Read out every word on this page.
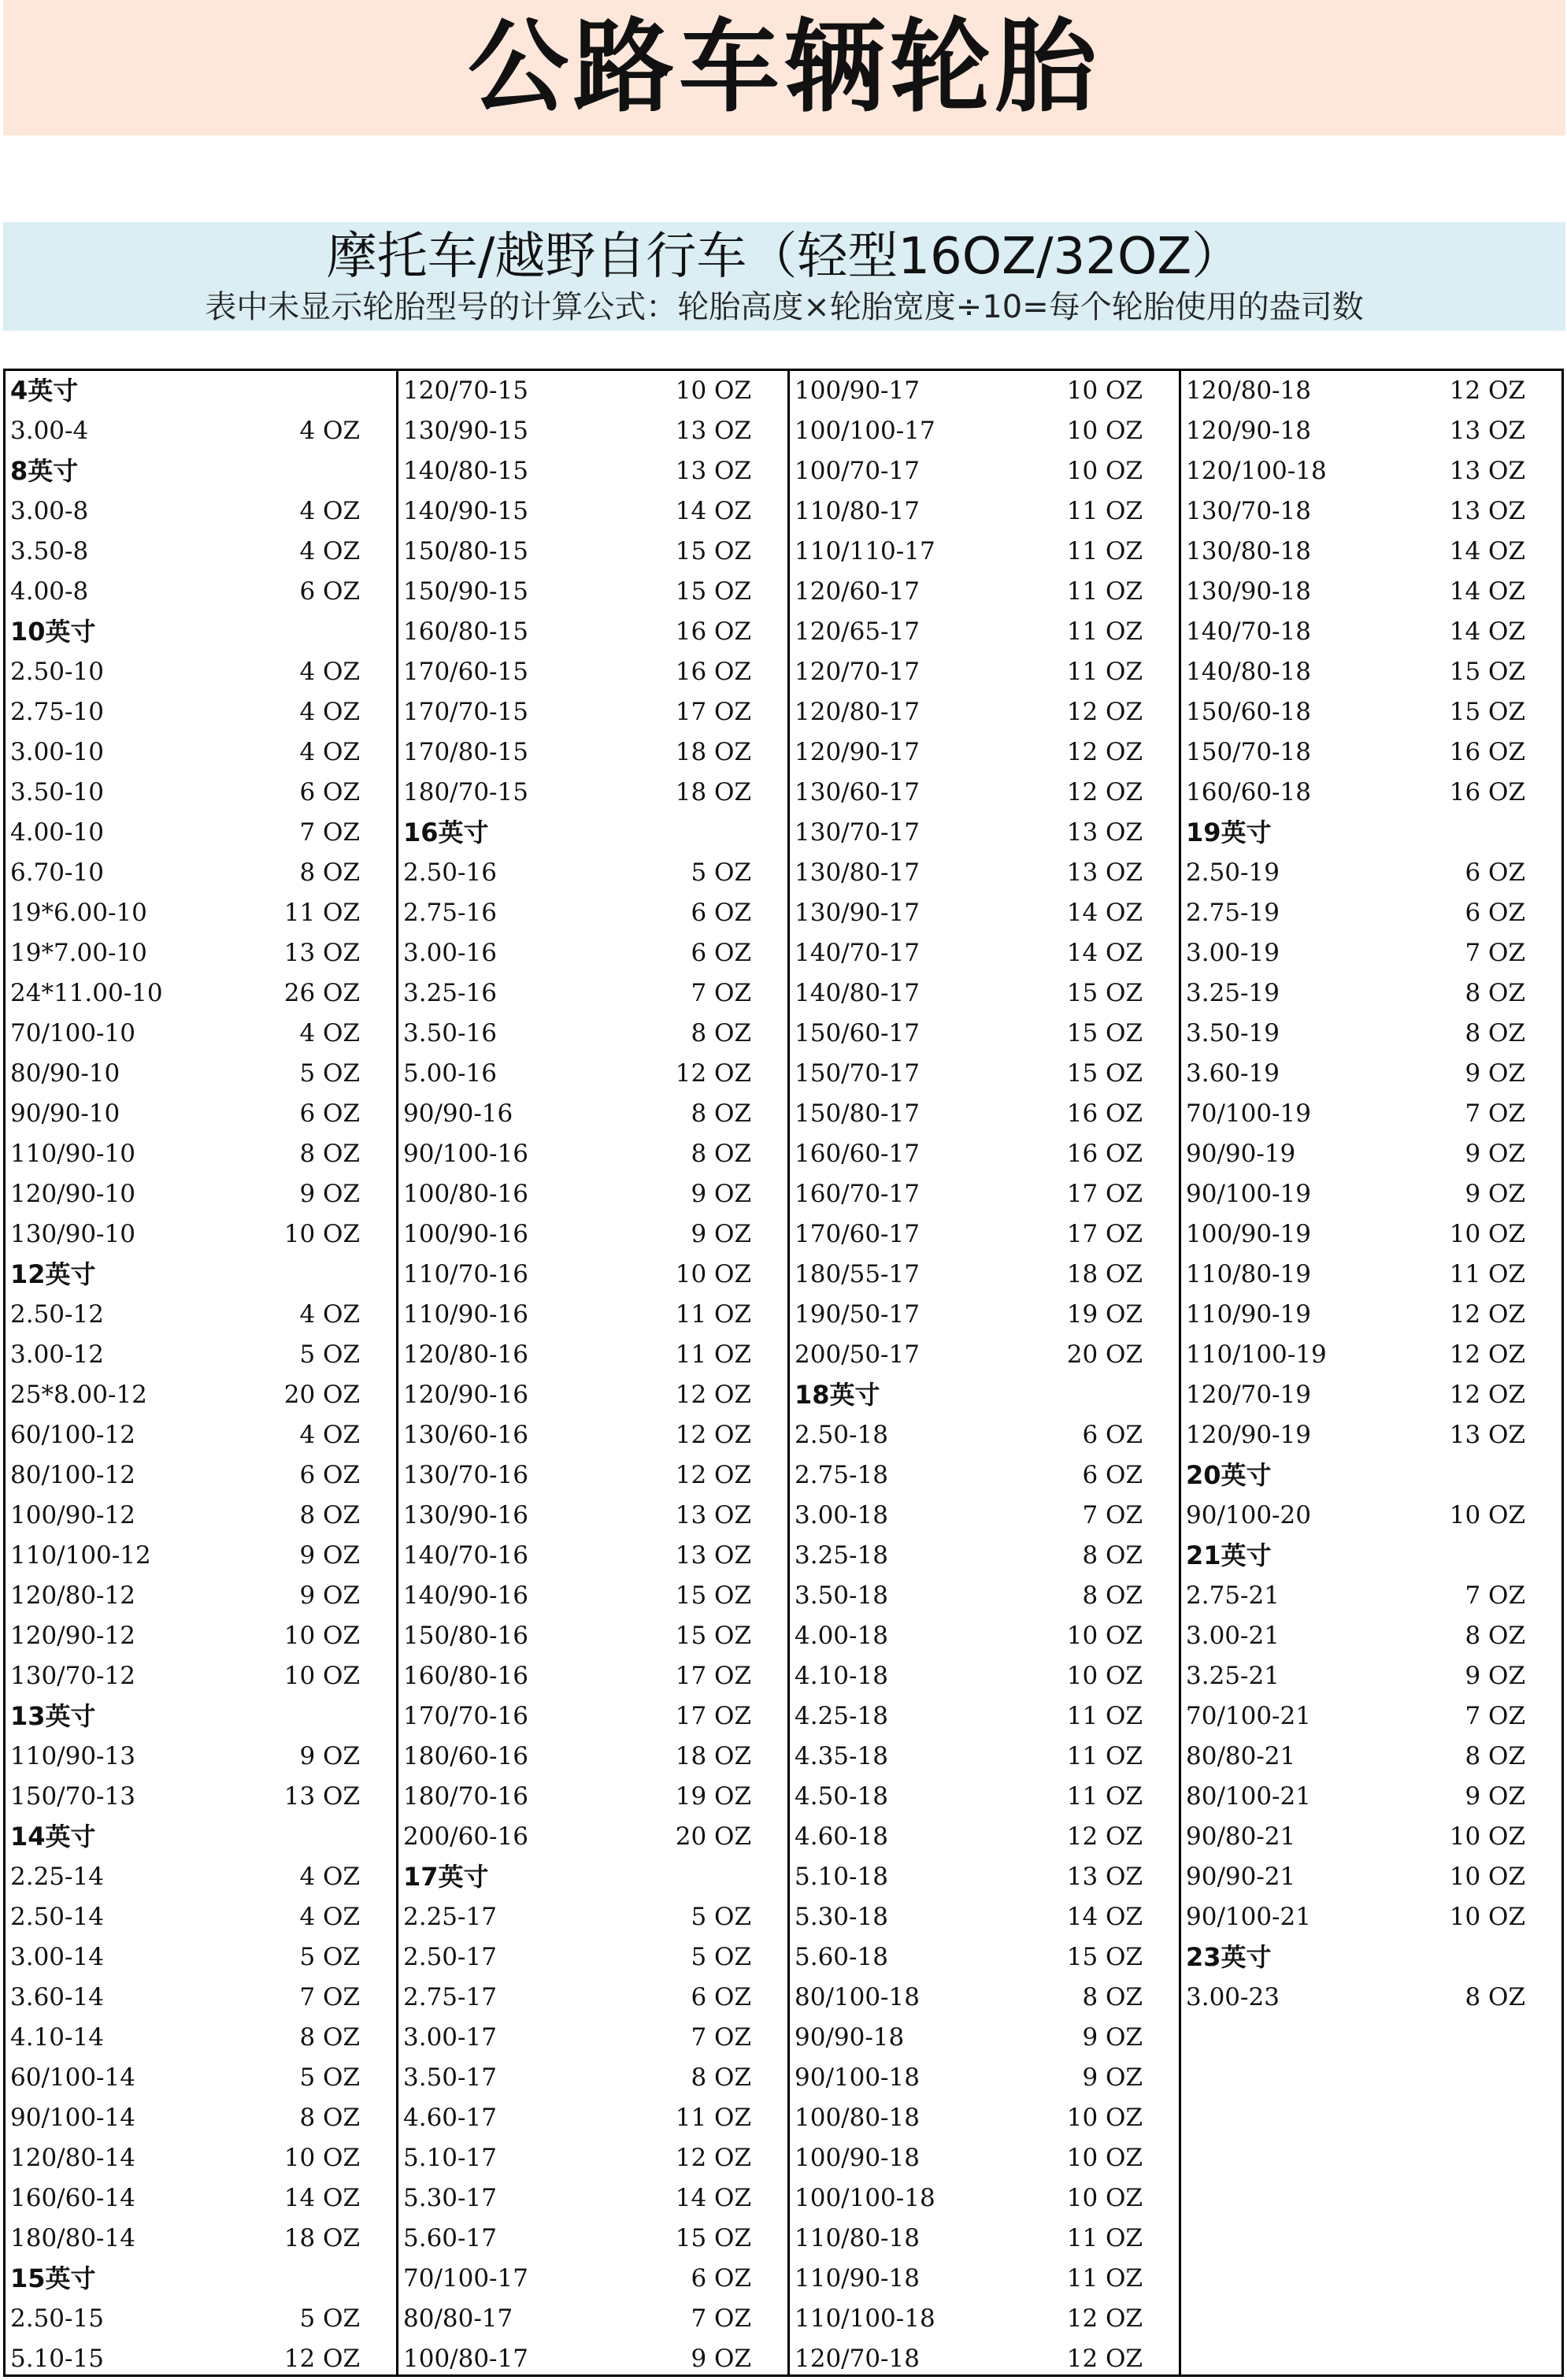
公路车辆轮胎
摩托车/越野自行车（轻型16OZ/32OZ）
表中未显示轮胎型号的计算公式：轮胎高度×轮胎宽度÷10=每个轮胎使用的盎司数
4英寸
3.00-4	4 OZ
8英寸
3.00-8	4 OZ
3.50-8	4 OZ
4.00-8	6 OZ
10英寸
2.50-10	4 OZ
2.75-10	4 OZ
3.00-10	4 OZ
3.50-10	6 OZ
4.00-10	7 OZ
6.70-10	8 OZ
19*6.00-10	11 OZ
19*7.00-10	13 OZ
24*11.00-10	26 OZ
70/100-10	4 OZ
80/90-10	5 OZ
90/90-10	6 OZ
110/90-10	8 OZ
120/90-10	9 OZ
130/90-10	10 OZ
12英寸
2.50-12	4 OZ
3.00-12	5 OZ
25*8.00-12	20 OZ
60/100-12	4 OZ
80/100-12	6 OZ
100/90-12	8 OZ
110/100-12	9 OZ
120/80-12	9 OZ
120/90-12	10 OZ
130/70-12	10 OZ
13英寸
110/90-13	9 OZ
150/70-13	13 OZ
14英寸
2.25-14	4 OZ
2.50-14	4 OZ
3.00-14	5 OZ
3.60-14	7 OZ
4.10-14	8 OZ
60/100-14	5 OZ
90/100-14	8 OZ
120/80-14	10 OZ
160/60-14	14 OZ
180/80-14	18 OZ
15英寸
2.50-15	5 OZ
5.10-15	12 OZ
120/70-15	10 OZ
130/90-15	13 OZ
140/80-15	13 OZ
140/90-15	14 OZ
150/80-15	15 OZ
150/90-15	15 OZ
160/80-15	16 OZ
170/60-15	16 OZ
170/70-15	17 OZ
170/80-15	18 OZ
180/70-15	18 OZ
16英寸
2.50-16	5 OZ
2.75-16	6 OZ
3.00-16	6 OZ
3.25-16	7 OZ
3.50-16	8 OZ
5.00-16	12 OZ
90/90-16	8 OZ
90/100-16	8 OZ
100/80-16	9 OZ
100/90-16	9 OZ
110/70-16	10 OZ
110/90-16	11 OZ
120/80-16	11 OZ
120/90-16	12 OZ
130/60-16	12 OZ
130/70-16	12 OZ
130/90-16	13 OZ
140/70-16	13 OZ
140/90-16	15 OZ
150/80-16	15 OZ
160/80-16	17 OZ
170/70-16	17 OZ
180/60-16	18 OZ
180/70-16	19 OZ
200/60-16	20 OZ
17英寸
2.25-17	5 OZ
2.50-17	5 OZ
2.75-17	6 OZ
3.00-17	7 OZ
3.50-17	8 OZ
4.60-17	11 OZ
5.10-17	12 OZ
5.30-17	14 OZ
5.60-17	15 OZ
70/100-17	6 OZ
80/80-17	7 OZ
100/80-17	9 OZ
100/90-17	10 OZ
100/100-17	10 OZ
100/70-17	10 OZ
110/80-17	11 OZ
110/110-17	11 OZ
120/60-17	11 OZ
120/65-17	11 OZ
120/70-17	11 OZ
120/80-17	12 OZ
120/90-17	12 OZ
130/60-17	12 OZ
130/70-17	13 OZ
130/80-17	13 OZ
130/90-17	14 OZ
140/70-17	14 OZ
140/80-17	15 OZ
150/60-17	15 OZ
150/70-17	15 OZ
150/80-17	16 OZ
160/60-17	16 OZ
160/70-17	17 OZ
170/60-17	17 OZ
180/55-17	18 OZ
190/50-17	19 OZ
200/50-17	20 OZ
18英寸
2.50-18	6 OZ
2.75-18	6 OZ
3.00-18	7 OZ
3.25-18	8 OZ
3.50-18	8 OZ
4.00-18	10 OZ
4.10-18	10 OZ
4.25-18	11 OZ
4.35-18	11 OZ
4.50-18	11 OZ
4.60-18	12 OZ
5.10-18	13 OZ
5.30-18	14 OZ
5.60-18	15 OZ
80/100-18	8 OZ
90/90-18	9 OZ
90/100-18	9 OZ
100/80-18	10 OZ
100/90-18	10 OZ
100/100-18	10 OZ
110/80-18	11 OZ
110/90-18	11 OZ
110/100-18	12 OZ
120/70-18	12 OZ
120/80-18	12 OZ
120/90-18	13 OZ
120/100-18	13 OZ
130/70-18	13 OZ
130/80-18	14 OZ
130/90-18	14 OZ
140/70-18	14 OZ
140/80-18	15 OZ
150/60-18	15 OZ
150/70-18	16 OZ
160/60-18	16 OZ
19英寸
2.50-19	6 OZ
2.75-19	6 OZ
3.00-19	7 OZ
3.25-19	8 OZ
3.50-19	8 OZ
3.60-19	9 OZ
70/100-19	7 OZ
90/90-19	9 OZ
90/100-19	9 OZ
100/90-19	10 OZ
110/80-19	11 OZ
110/90-19	12 OZ
110/100-19	12 OZ
120/70-19	12 OZ
120/90-19	13 OZ
20英寸
90/100-20	10 OZ
21英寸
2.75-21	7 OZ
3.00-21	8 OZ
3.25-21	9 OZ
70/100-21	7 OZ
80/80-21	8 OZ
80/100-21	9 OZ
90/80-21	10 OZ
90/90-21	10 OZ
90/100-21	10 OZ
23英寸
3.00-23	8 OZ
